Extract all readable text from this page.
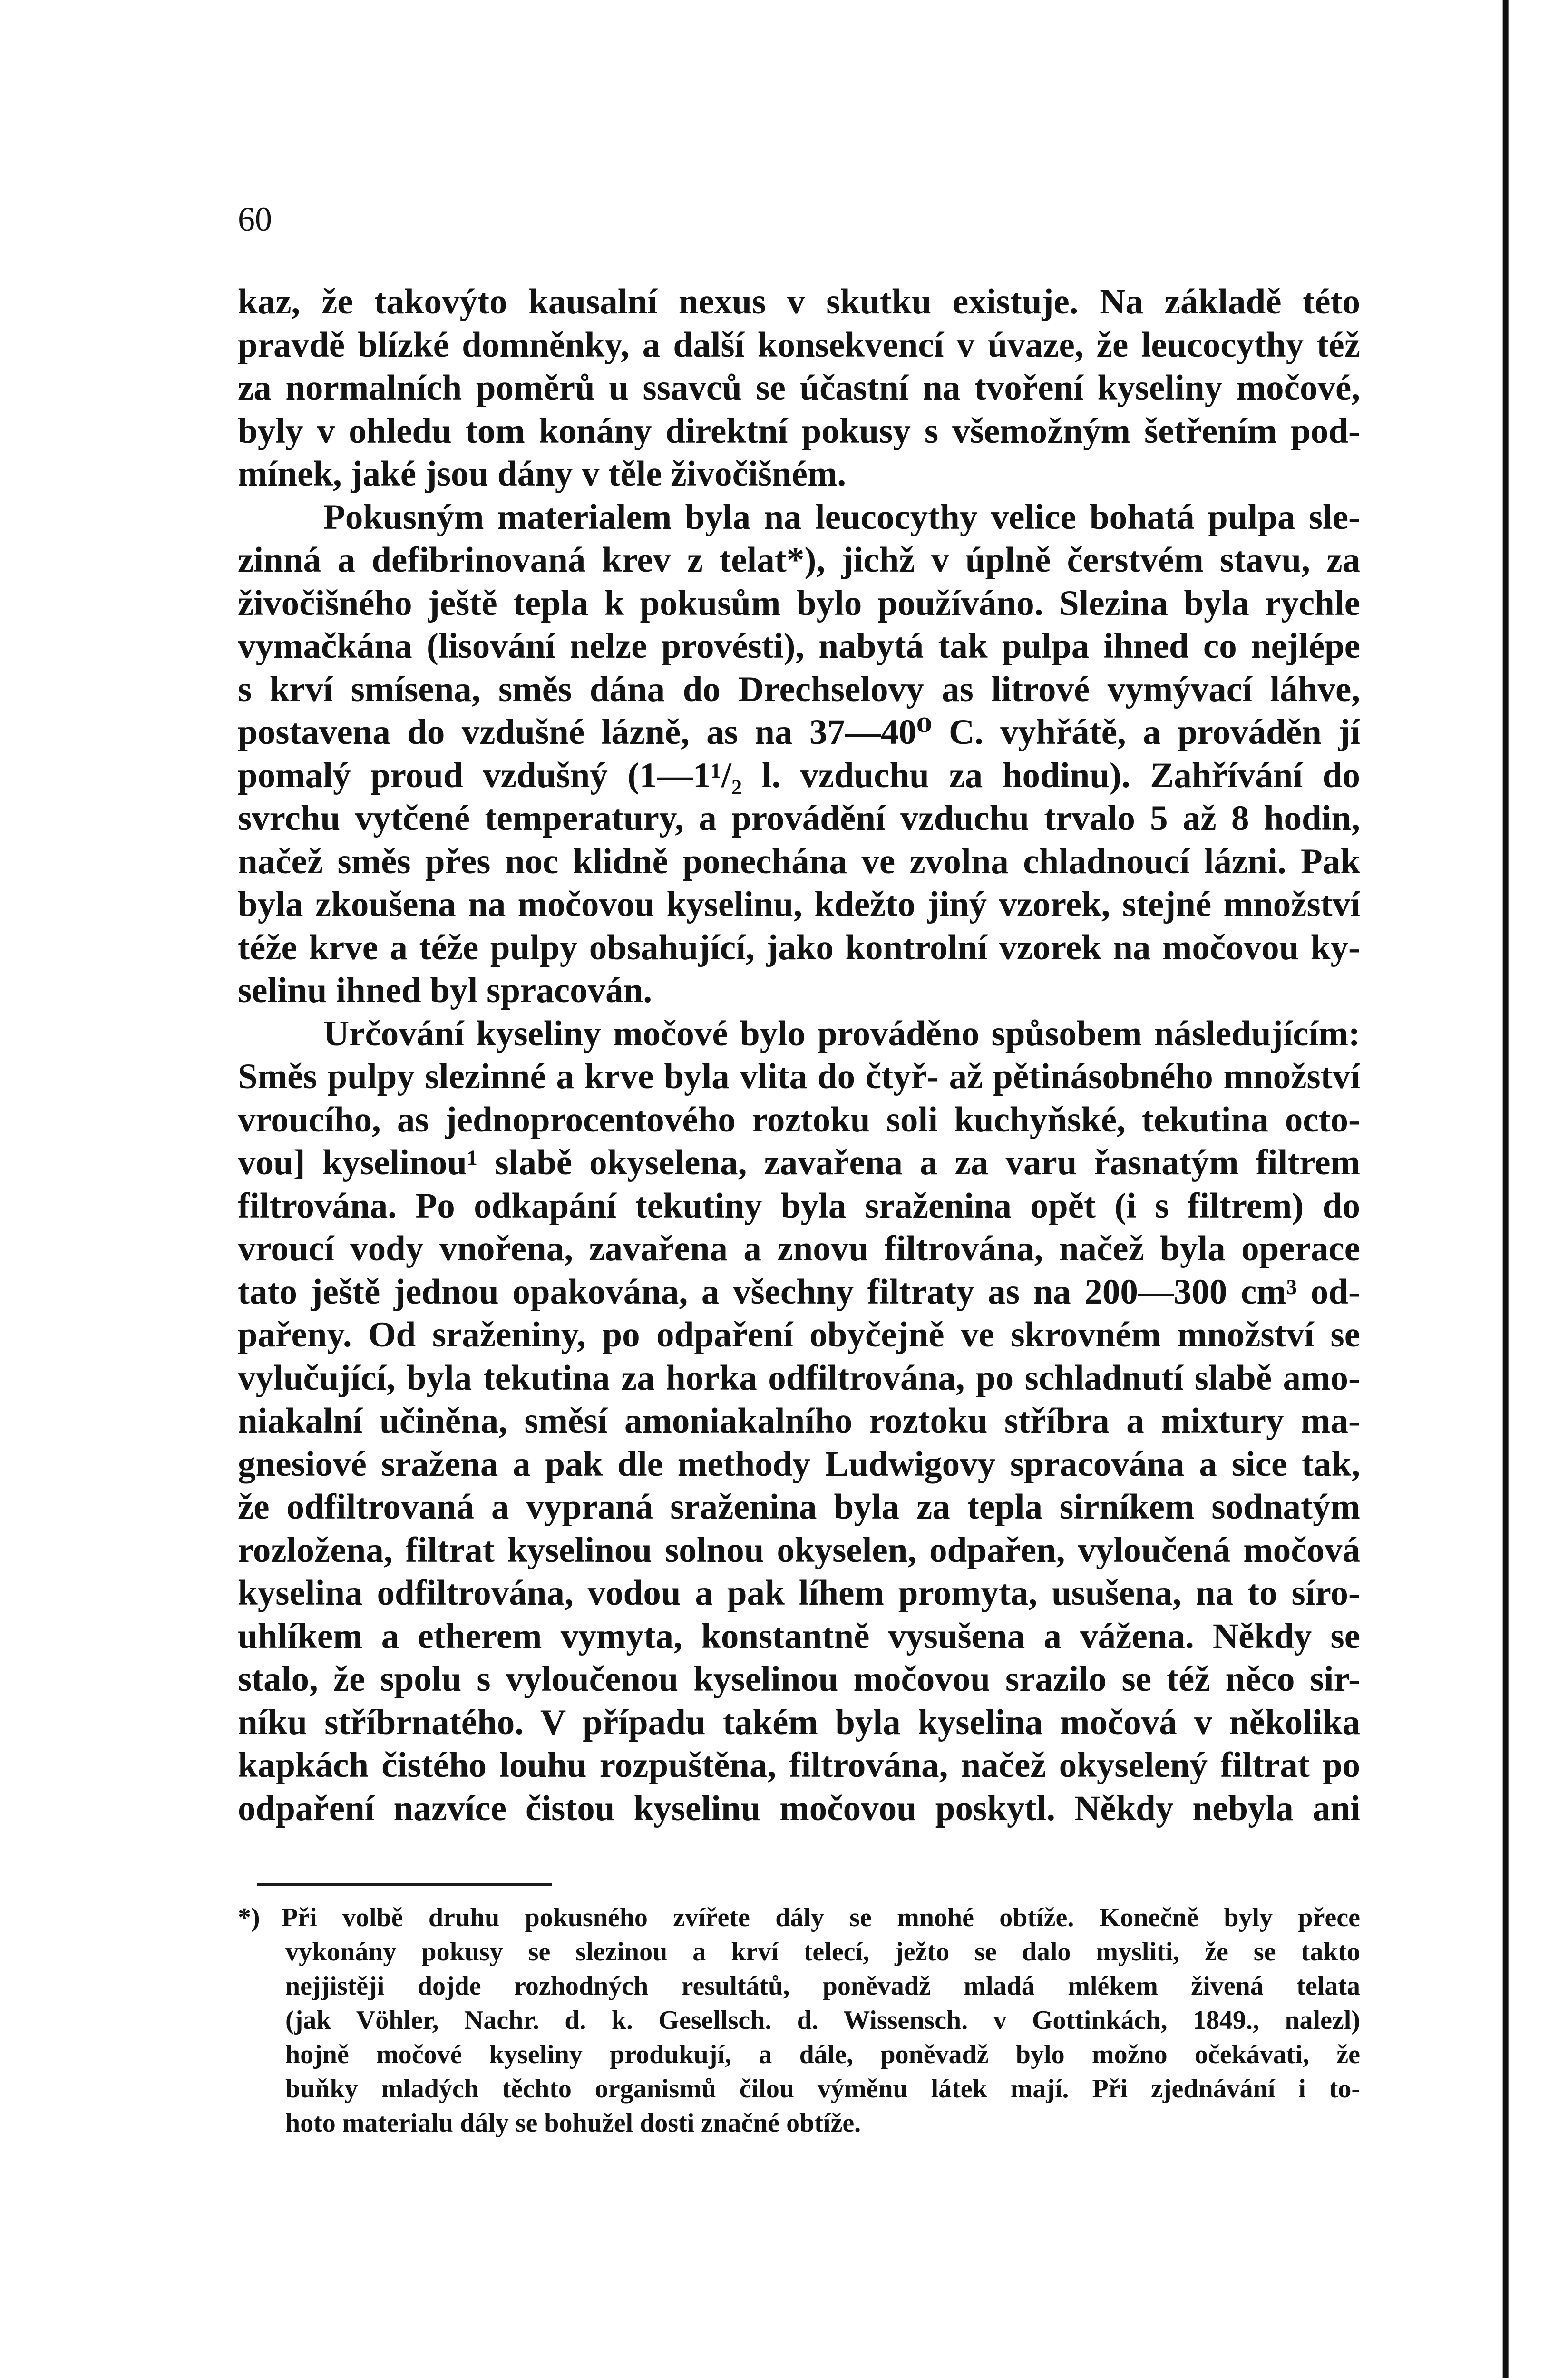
60
kaz, že takovýto kausalní nexus v skutku existuje. Na základě této
pravdě blízké domněnky, a další konsekvencí v úvaze, že leucocythy též
za normalních poměrů u ssavců se účastní na tvoření kyseliny močové,
byly v ohledu tom konány direktní pokusy s všemožným šetřením pod-
mínek, jaké jsou dány v těle živočišném.
Pokusným materialem byla na leucocythy velice bohatá pulpa sle-
zinná a defibrinovaná krev z telat*), jichž v úplně čerstvém stavu, za
živočišného ještě tepla k pokusům bylo používáno. Slezina byla rychle
vymačkána (lisování nelze provésti), nabytá tak pulpa ihned co nejlépe
s krví smísena, směs dána do Drechselovy as litrové vymývací láhve,
postavena do vzdušné lázně, as na 37—40⁰ C. vyhřátě, a prováděn jí
pomalý proud vzdušný (1—1¹/₂ l. vzduchu za hodinu). Zahřívání do
svrchu vytčené temperatury, a provádění vzduchu trvalo 5 až 8 hodin,
načež směs přes noc klidně ponechána ve zvolna chladnoucí lázni. Pak
byla zkoušena na močovou kyselinu, kdežto jiný vzorek, stejné množství
téže krve a téže pulpy obsahující, jako kontrolní vzorek na močovou ky-
selinu ihned byl spracován.
Určování kyseliny močové bylo prováděno spůsobem následujícím:
Směs pulpy slezinné a krve byla vlita do čtyř- až pětinásobného množství
vroucího, as jednoprocentového roztoku soli kuchyňské, tekutina octo-
vou] kyselinou¹ slabě okyselena, zavařena a za varu řasnatým filtrem
filtrována. Po odkapání tekutiny byla sraženina opět (i s filtrem) do
vroucí vody vnořena, zavařena a znovu filtrována, načež byla operace
tato ještě jednou opakována, a všechny filtraty as na 200—300 cm³ od-
pařeny. Od sraženiny, po odpaření obyčejně ve skrovném množství se
vylučující, byla tekutina za horka odfiltrována, po schladnutí slabě amo-
niakalní učiněna, směsí amoniakalního roztoku stříbra a mixtury ma-
gnesiové sražena a pak dle methody Ludwigovy spracována a sice tak,
že odfiltrovaná a vypraná sraženina byla za tepla sirníkem sodnatým
rozložena, filtrat kyselinou solnou okyselen, odpařen, vyloučená močová
kyselina odfiltrována, vodou a pak líhem promyta, usušena, na to síro-
uhlíkem a etherem vymyta, konstantně vysušena a vážena. Někdy se
stalo, že spolu s vyloučenou kyselinou močovou srazilo se též něco sir-
níku stříbrnatého. V případu takém byla kyselina močová v několika
kapkách čistého louhu rozpuštěna, filtrována, načež okyselený filtrat po
odpaření nazvíce čistou kyselinu močovou poskytl. Někdy nebyla ani
*) Při volbě druhu pokusného zvířete dály se mnohé obtíže. Konečně byly přece
vykonány pokusy se slezinou a krví telecí, ježto se dalo mysliti, že se takto
nejjistěji dojde rozhodných resultátů, poněvadž mladá mlékem živená telata
(jak Vöhler, Nachr. d. k. Gesellsch. d. Wissensch. v Gottinkách, 1849., nalezl)
hojně močové kyseliny produkují, a dále, poněvadž bylo možno očekávati, že
buňky mladých těchto organismů čilou výměnu látek mají. Při zjednávání i to-
hoto materialu dály se bohužel dosti značné obtíže.
